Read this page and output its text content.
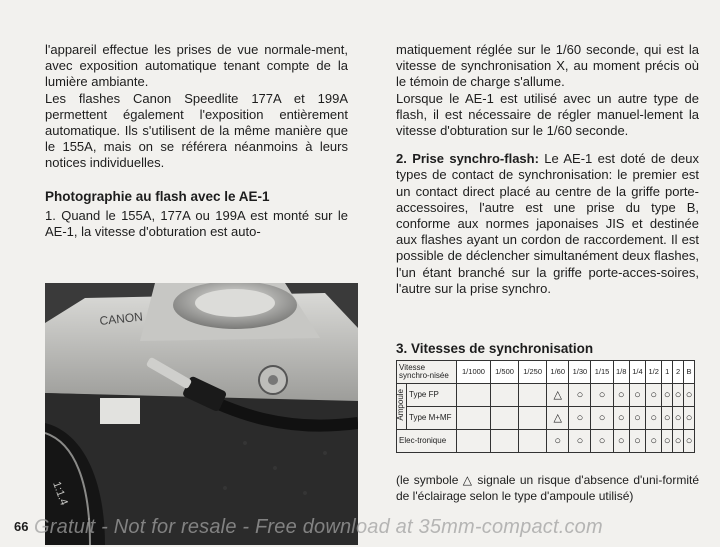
l'appareil effectue les prises de vue normale-ment, avec exposition automatique tenant compte de la lumière ambiante.

Les flashes Canon Speedlite 177A et 199A permettent également l'exposition entièrement automatique. Ils s'utilisent de la même manière que le 155A, mais on se référera néanmoins à leurs notices individuelles.

Photographie au flash avec le AE-1

1. Quand le 155A, 177A ou 199A est monté sur le AE-1, la vitesse d'obturation est auto-

CANON
1:1.4

matiquement réglée sur le 1/60 seconde, qui est la vitesse de synchronisation X, au moment précis où le témoin de charge s'allume.

Lorsque le AE-1 est utilisé avec un autre type de flash, il est nécessaire de régler manuel-lement la vitesse d'obturation sur le 1/60 seconde.

2. Prise synchro-flash: Le AE-1 est doté de deux types de contact de synchronisation: le premier est un contact direct placé au centre de la griffe porte-accessoires, l'autre est une prise du type B, conforme aux normes japonaises JIS et destinée aux flashes ayant un cordon de raccordement. Il est possible de déclencher simultanément deux flashes, l'un étant branché sur la griffe porte-acces-soires, l'autre sur la prise synchro.

3. Vitesses de synchronisation
Vitesse synchro-nisée		1/1000	1/500	1/250	1/60	1/30	1/15	1/8	1/4	1/2	1	2	B
Ampoule	Type FP				△	○	○	○	○	○	○	○	○
	Type M+MF				△	○	○	○	○	○	○	○	○
Elec-tronique					○	○	○	○	○	○	○	○	○
(le symbole △ signale un risque d'absence d'uni-formité de l'éclairage selon le type d'ampoule utilisé)
66 Gratuit - Not for resale - Free download at 35mm-compact.com
